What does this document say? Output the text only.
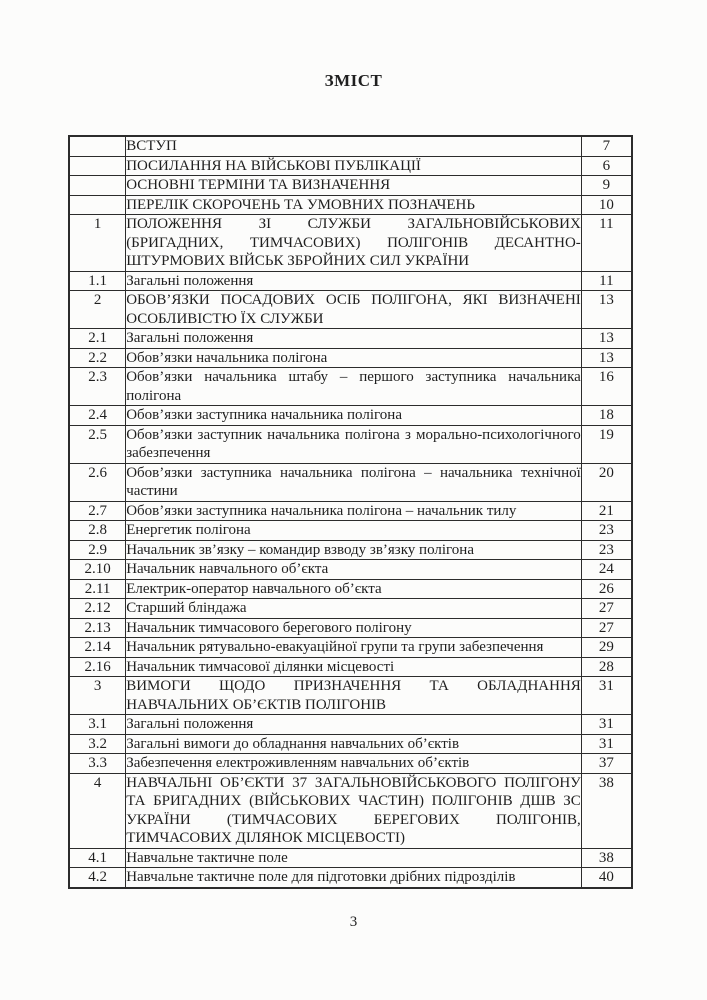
ЗМІСТ
	ВСТУП	7
	ПОСИЛАННЯ НА ВІЙСЬКОВІ ПУБЛІКАЦІЇ	6
	ОСНОВНІ ТЕРМІНИ ТА ВИЗНАЧЕННЯ	9
	ПЕРЕЛІК СКОРОЧЕНЬ ТА УМОВНИХ ПОЗНАЧЕНЬ	10
1	ПОЛОЖЕННЯ ЗІ СЛУЖБИ ЗАГАЛЬНОВІЙСЬКОВИХ (БРИГАДНИХ, ТИМЧАСОВИХ) ПОЛІГОНІВ ДЕСАНТНО-ШТУРМОВИХ ВІЙСЬК ЗБРОЙНИХ СИЛ УКРАЇНИ	11
1.1	Загальні положення	11
2	ОБОВ’ЯЗКИ ПОСАДОВИХ ОСІБ ПОЛІГОНА, ЯКІ ВИЗНАЧЕНІ ОСОБЛИВІСТЮ ЇХ СЛУЖБИ	13
2.1	Загальні положення	13
2.2	Обов’язки начальника полігона	13
2.3	Обов’язки начальника штабу – першого заступника начальника полігона	16
2.4	Обов’язки заступника начальника полігона	18
2.5	Обов’язки заступник начальника полігона з морально-психологічного забезпечення	19
2.6	Обов’язки заступника начальника полігона – начальника технічної частини	20
2.7	Обов’язки заступника начальника полігона – начальник тилу	21
2.8	Енергетик полігона	23
2.9	Начальник зв’язку – командир взводу зв’язку полігона	23
2.10	Начальник навчального об’єкта	24
2.11	Електрик-оператор навчального об’єкта	26
2.12	Старший бліндажа	27
2.13	Начальник тимчасового берегового полігону	27
2.14	Начальник рятувально-евакуаційної групи та групи забезпечення	29
2.16	Начальник тимчасової ділянки місцевості	28
3	ВИМОГИ ЩОДО ПРИЗНАЧЕННЯ ТА ОБЛАДНАННЯ НАВЧАЛЬНИХ ОБ’ЄКТІВ ПОЛІГОНІВ	31
3.1	Загальні положення	31
3.2	Загальні вимоги до обладнання навчальних об’єктів	31
3.3	Забезпечення електроживленням навчальних об’єктів	37
4	НАВЧАЛЬНІ ОБ’ЄКТИ 37 ЗАГАЛЬНОВІЙСЬКОВОГО ПОЛІГОНУ ТА БРИГАДНИХ (ВІЙСЬКОВИХ ЧАСТИН) ПОЛІГОНІВ ДШВ ЗС УКРАЇНИ (ТИМЧАСОВИХ БЕРЕГОВИХ ПОЛІГОНІВ, ТИМЧАСОВИХ ДІЛЯНОК МІСЦЕВОСТІ)	38
4.1	Навчальне тактичне поле	38
4.2	Навчальне тактичне поле для підготовки дрібних підрозділів	40
3
